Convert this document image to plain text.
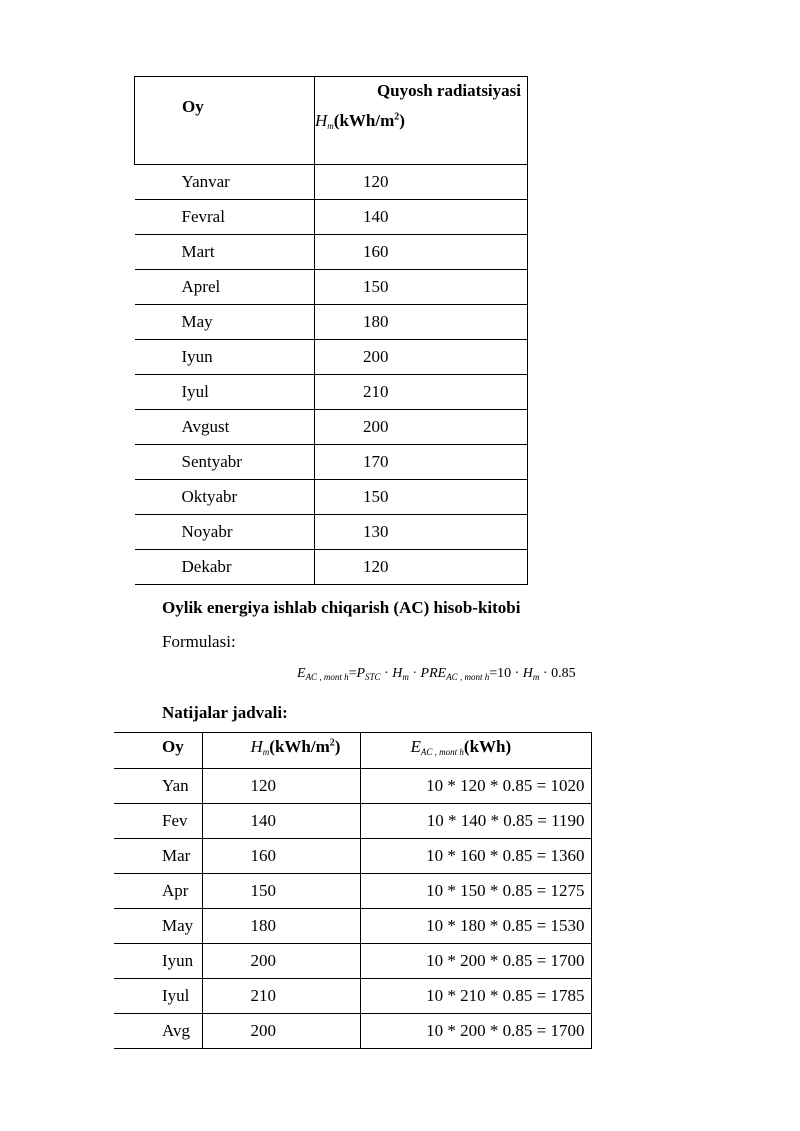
Oy	Quyosh radiatsiyasi
$H_m(kWh/m^2)$

Yanvar	120
Fevral	140
Mart	160
Aprel	150
May	180
Iyun	200
Iyul	210
Avgust	200
Sentyabr	170
Oktyabr	150
Noyabr	130
Dekabr	120
Oylik energiya ishlab chiqarish (AC) hisob-kitobi
Formulasi:
$E_{AC , mont h}=P_{STC} \cdot H_m \cdot PRE_{AC , mont h}=10 \cdot H_m \cdot 0.85$
Natijalar jadvali:
Oy	$H_m(kWh/m^2)$	$E_{AC , mont h}(kWh)$
Yan	120	10 * 120 * 0.85 = 1020
Fev	140	10 * 140 * 0.85 = 1190
Mar	160	10 * 160 * 0.85 = 1360
Apr	150	10 * 150 * 0.85 = 1275
May	180	10 * 180 * 0.85 = 1530
Iyun	200	10 * 200 * 0.85 = 1700
Iyul	210	10 * 210 * 0.85 = 1785
Avg	200	10 * 200 * 0.85 = 1700
